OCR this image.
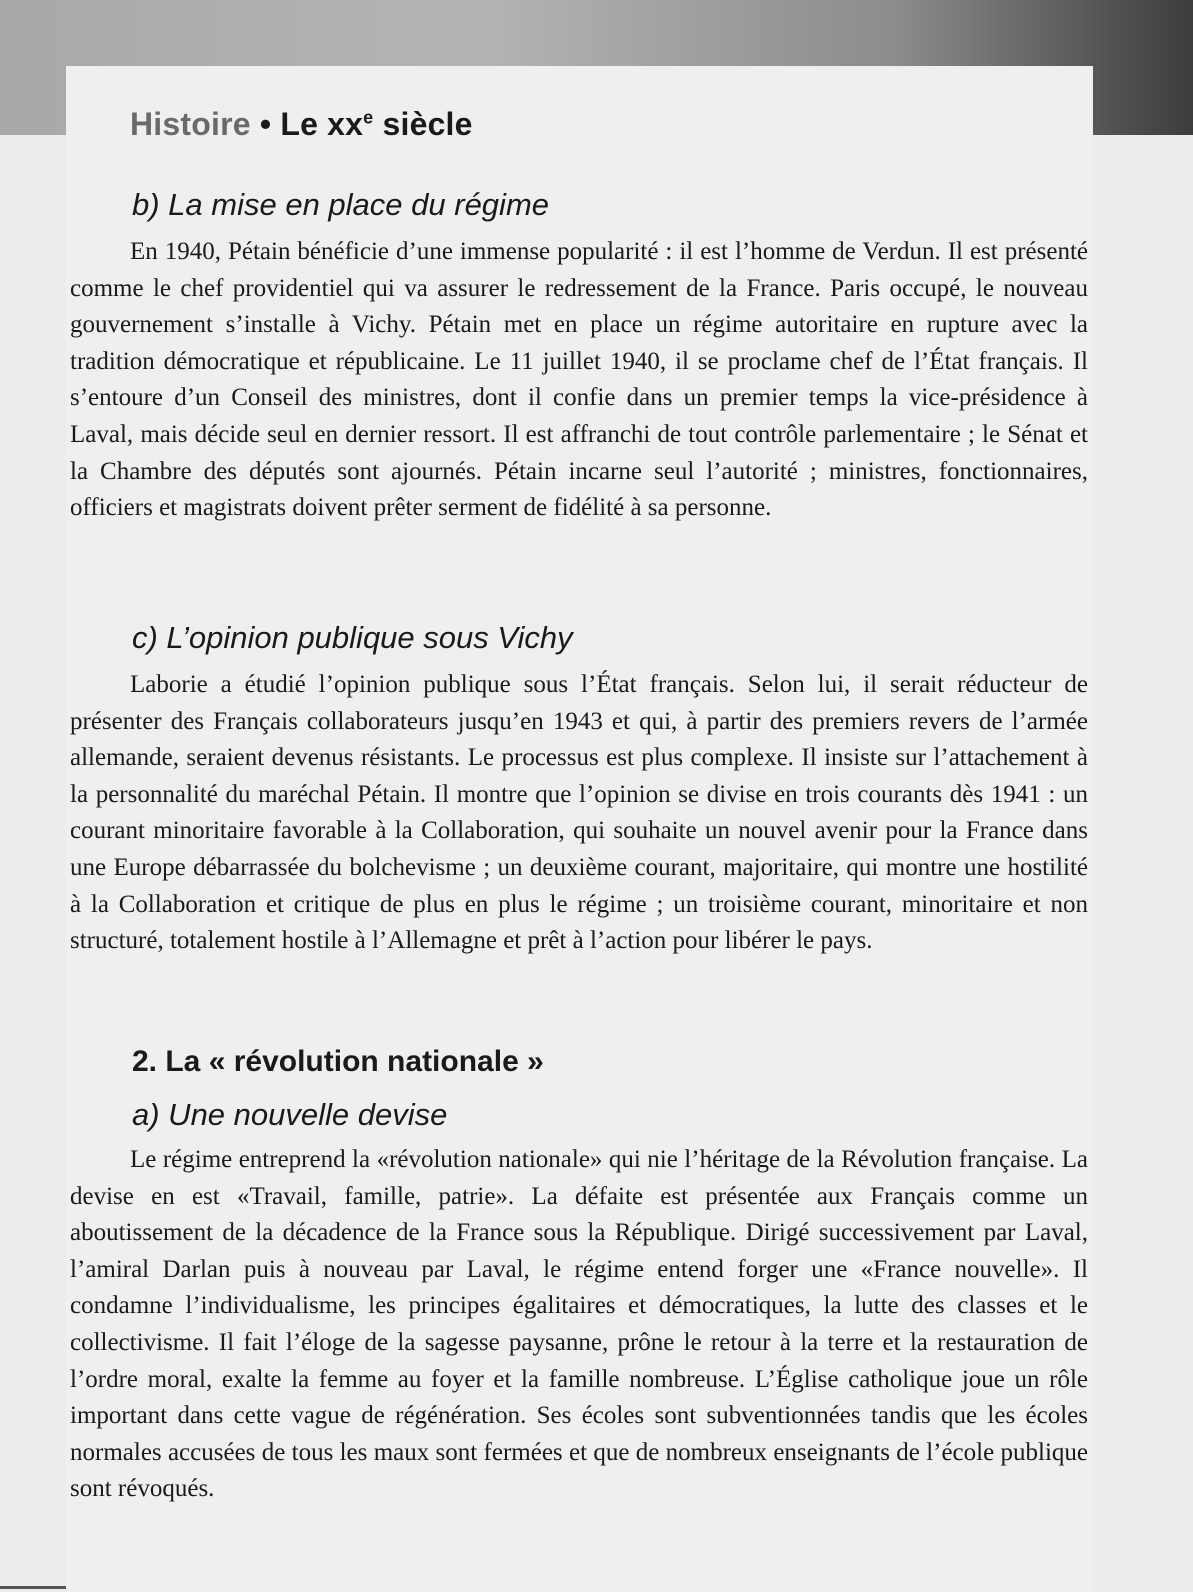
Histoire • Le $xx^e$ siècle
b) La mise en place du régime

En 1940, Pétain bénéficie d’une immense popularité : il est l’homme de Verdun. Il est présenté comme le chef providentiel qui va assurer le redressement de la France. Paris occupé, le nouveau gouvernement s’installe à Vichy. Pétain met en place un régime autoritaire en rupture avec la tradition démocratique et républicaine. Le 11 juillet 1940, il se proclame chef de l’État français. Il s’entoure d’un Conseil des ministres, dont il confie dans un premier temps la vice-présidence à Laval, mais décide seul en dernier ressort. Il est affranchi de tout contrôle parlementaire ; le Sénat et la Chambre des députés sont ajournés. Pétain incarne seul l’autorité ; ministres, fonctionnaires, officiers et magistrats doivent prêter serment de fidélité à sa personne.

c) L’opinion publique sous Vichy

Laborie a étudié l’opinion publique sous l’État français. Selon lui, il serait réducteur de présenter des Français collaborateurs jusqu’en 1943 et qui, à partir des premiers revers de l’armée allemande, seraient devenus résistants. Le processus est plus complexe. Il insiste sur l’attachement à la personnalité du maréchal Pétain. Il montre que l’opinion se divise en trois courants dès 1941 : un courant minoritaire favorable à la Collaboration, qui souhaite un nouvel avenir pour la France dans une Europe débarrassée du bolchevisme ; un deuxième courant, majoritaire, qui montre une hostilité à la Collaboration et critique de plus en plus le régime ; un troisième courant, minoritaire et non structuré, totalement hostile à l’Allemagne et prêt à l’action pour libérer le pays.

2. La « révolution nationale »
a) Une nouvelle devise

Le régime entreprend la «révolution nationale» qui nie l’héritage de la Révolution française. La devise en est «Travail, famille, patrie». La défaite est présentée aux Français comme un aboutissement de la décadence de la France sous la République. Dirigé successivement par Laval, l’amiral Darlan puis à nouveau par Laval, le régime entend forger une «France nouvelle». Il condamne l’individualisme, les principes égalitaires et démocratiques, la lutte des classes et le collectivisme. Il fait l’éloge de la sagesse paysanne, prône le retour à la terre et la restauration de l’ordre moral, exalte la femme au foyer et la famille nombreuse. L’Église catholique joue un rôle important dans cette vague de régénération. Ses écoles sont subventionnées tandis que les écoles normales accusées de tous les maux sont fermées et que de nombreux enseignants de l’école publique sont révoqués.
